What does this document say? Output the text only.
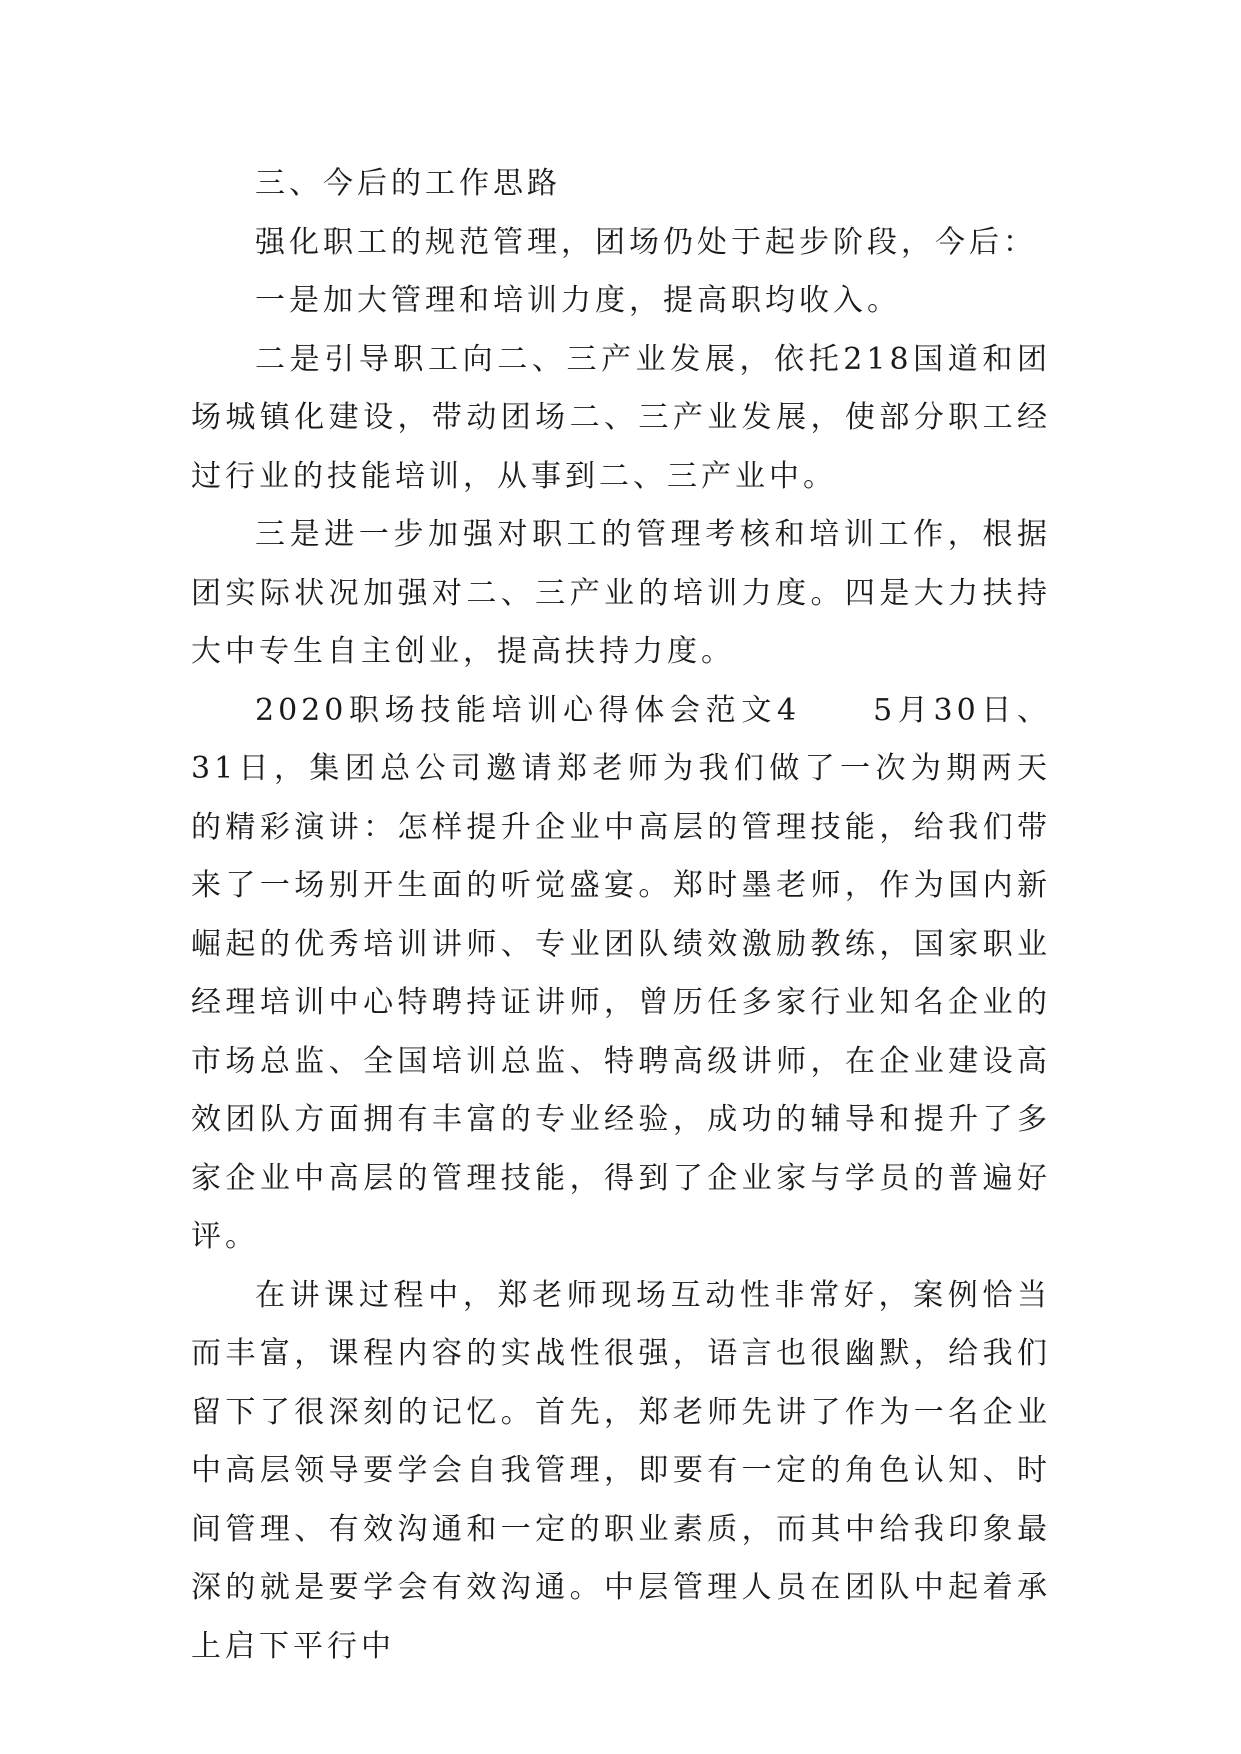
三、今后的工作思路

强化职工的规范管理，团场仍处于起步阶段，今后：

一是加大管理和培训力度，提高职均收入。

二是引导职工向二、三产业发展，依托218国道和团场城镇化建设，带动团场二、三产业发展，使部分职工经过行业的技能培训，从事到二、三产业中。

三是进一步加强对职工的管理考核和培训工作，根据团实际状况加强对二、三产业的培训力度。四是大力扶持大中专生自主创业，提高扶持力度。

2020职场技能培训心得体会范文4　　5月30日、31日，集团总公司邀请郑老师为我们做了一次为期两天的精彩演讲：怎样提升企业中高层的管理技能，给我们带来了一场别开生面的听觉盛宴。郑时墨老师，作为国内新崛起的优秀培训讲师、专业团队绩效激励教练，国家职业经理培训中心特聘持证讲师，曾历任多家行业知名企业的市场总监、全国培训总监、特聘高级讲师，在企业建设高效团队方面拥有丰富的专业经验，成功的辅导和提升了多家企业中高层的管理技能，得到了企业家与学员的普遍好评。

在讲课过程中，郑老师现场互动性非常好，案例恰当而丰富，课程内容的实战性很强，语言也很幽默，给我们留下了很深刻的记忆。首先，郑老师先讲了作为一名企业中高层领导要学会自我管理，即要有一定的角色认知、时间管理、有效沟通和一定的职业素质，而其中给我印象最深的就是要学会有效沟通。中层管理人员在团队中起着承上启下平行中
